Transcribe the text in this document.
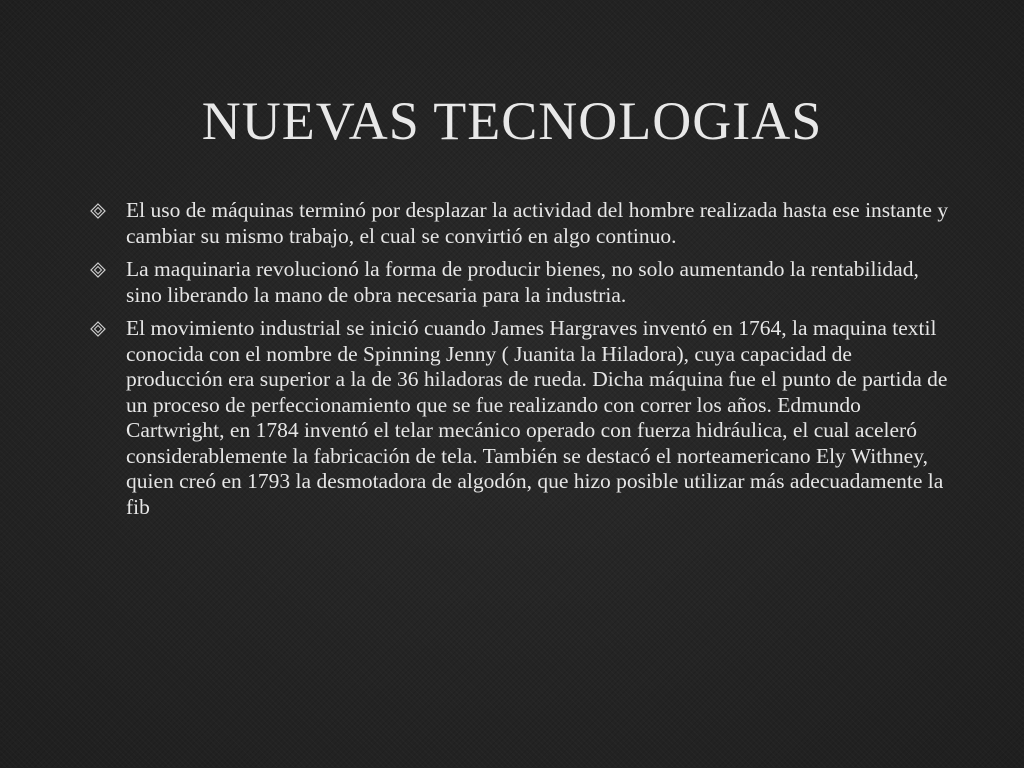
NUEVAS TECNOLOGIAS
El uso de máquinas terminó por desplazar la actividad del hombre realizada hasta ese instante y cambiar su mismo trabajo, el cual se convirtió en algo continuo.
La maquinaria revolucionó la forma de producir bienes, no solo aumentando la rentabilidad, sino liberando la mano de obra necesaria para la industria.
El movimiento industrial se inició cuando James Hargraves inventó en 1764, la maquina textil conocida con el nombre de Spinning Jenny ( Juanita la Hiladora), cuya capacidad de producción era superior a la de 36 hiladoras de rueda. Dicha máquina fue el punto de partida de un proceso de perfeccionamiento que se fue realizando con correr los años. Edmundo Cartwright, en 1784 inventó el telar mecánico operado con fuerza hidráulica, el cual aceleró considerablemente la fabricación de tela. También se destacó el norteamericano Ely Withney, quien creó en 1793 la desmotadora de algodón, que hizo posible utilizar más adecuadamente la fib
